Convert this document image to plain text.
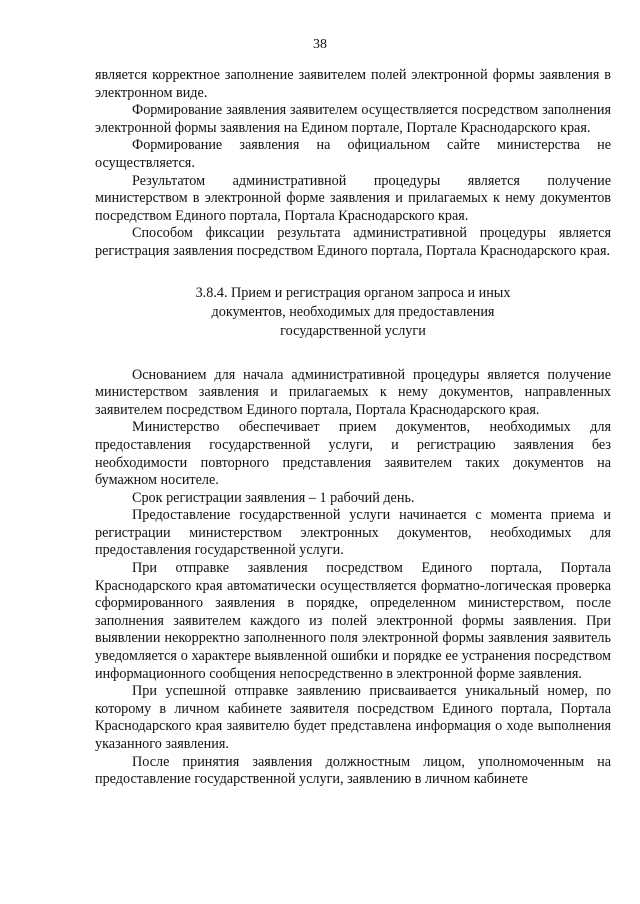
38

является корректное заполнение заявителем полей электронной формы заявления в электронном виде.

Формирование заявления заявителем осуществляется посредством заполнения электронной формы заявления на Едином портале, Портале Краснодарского края.

Формирование заявления на официальном сайте министерства не осуществляется.

Результатом административной процедуры является получение министерством в электронной форме заявления и прилагаемых к нему документов посредством Единого портала, Портала Краснодарского края.

Способом фиксации результата административной процедуры является регистрация заявления посредством Единого портала, Портала Краснодарского края.

3.8.4. Прием и регистрация органом запроса и иных
документов, необходимых для предоставления
государственной услуги

Основанием для начала административной процедуры является получение министерством заявления и прилагаемых к нему документов, направленных заявителем посредством Единого портала, Портала Краснодарского края.

Министерство обеспечивает прием документов, необходимых для предоставления государственной услуги, и регистрацию заявления без необходимости повторного представления заявителем таких документов на бумажном носителе.

Срок регистрации заявления – 1 рабочий день.

Предоставление государственной услуги начинается с момента приема и регистрации министерством электронных документов, необходимых для предоставления государственной услуги.

При отправке заявления посредством Единого портала, Портала Краснодарского края автоматически осуществляется форматно-логическая проверка сформированного заявления в порядке, определенном министерством, после заполнения заявителем каждого из полей электронной формы заявления. При выявлении некорректно заполненного поля электронной формы заявления заявитель уведомляется о характере выявленной ошибки и порядке ее устранения посредством информационного сообщения непосредственно в электронной форме заявления.

При успешной отправке заявлению присваивается уникальный номер, по которому в личном кабинете заявителя посредством Единого портала, Портала Краснодарского края заявителю будет представлена информация о ходе выполнения указанного заявления.

После принятия заявления должностным лицом, уполномоченным на предоставление государственной услуги, заявлению в личном кабинете
